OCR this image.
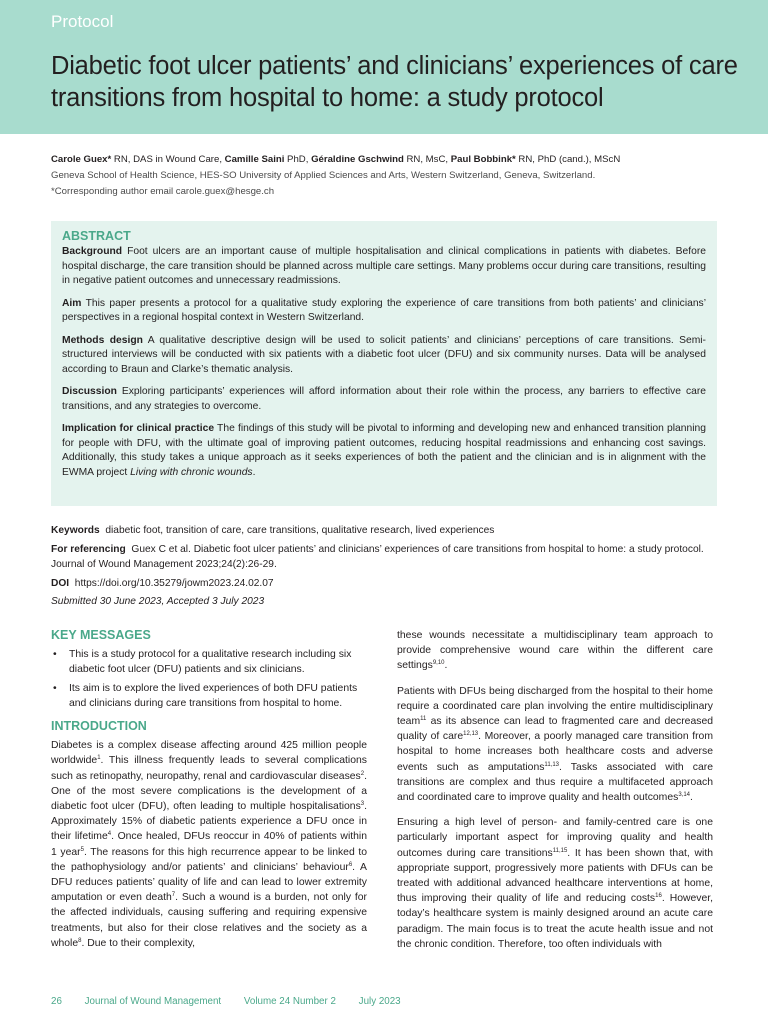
Protocol
Diabetic foot ulcer patients’ and clinicians’ experiences of care transitions from hospital to home: a study protocol
Carole Guex* RN, DAS in Wound Care, Camille Saini PhD, Géraldine Gschwind RN, MsC, Paul Bobbink* RN, PhD (cand.), MScN
Geneva School of Health Science, HES-SO University of Applied Sciences and Arts, Western Switzerland, Geneva, Switzerland.
*Corresponding author email carole.guex@hesge.ch
ABSTRACT

Background Foot ulcers are an important cause of multiple hospitalisation and clinical complications in patients with diabetes. Before hospital discharge, the care transition should be planned across multiple care settings. Many problems occur during care transitions, resulting in negative patient outcomes and unnecessary readmissions.

Aim This paper presents a protocol for a qualitative study exploring the experience of care transitions from both patients’ and clinicians’ perspectives in a regional hospital context in Western Switzerland.

Methods design A qualitative descriptive design will be used to solicit patients’ and clinicians’ perceptions of care transitions. Semi-structured interviews will be conducted with six patients with a diabetic foot ulcer (DFU) and six community nurses. Data will be analysed according to Braun and Clarke’s thematic analysis.

Discussion Exploring participants’ experiences will afford information about their role within the process, any barriers to effective care transitions, and any strategies to overcome.

Implication for clinical practice The findings of this study will be pivotal to informing and developing new and enhanced transition planning for people with DFU, with the ultimate goal of improving patient outcomes, reducing hospital readmissions and enhancing cost savings. Additionally, this study takes a unique approach as it seeks experiences of both the patient and the clinician and is in alignment with the EWMA project Living with chronic wounds.

Keywords diabetic foot, transition of care, care transitions, qualitative research, lived experiences

For referencing Guex C et al. Diabetic foot ulcer patients’ and clinicians’ experiences of care transitions from hospital to home: a study protocol. Journal of Wound Management 2023;24(2):26-29.

DOI https://doi.org/10.35279/jowm2023.24.02.07

Submitted 30 June 2023, Accepted 3 July 2023

KEY MESSAGES
• This is a study protocol for a qualitative research including six diabetic foot ulcer (DFU) patients and six clinicians.
• Its aim is to explore the lived experiences of both DFU patients and clinicians during care transitions from hospital to home.
INTRODUCTION

Diabetes is a complex disease affecting around 425 million people worldwide$^1$. This illness frequently leads to several complications such as retinopathy, neuropathy, renal and cardiovascular diseases$^2$. One of the most severe complications is the development of a diabetic foot ulcer (DFU), often leading to multiple hospitalisations$^3$. Approximately 15% of diabetic patients experience a DFU once in their lifetime$^4$. Once healed, DFUs reoccur in 40% of patients within 1 year$^5$. The reasons for this high recurrence appear to be linked to the pathophysiology and/or patients’ and clinicians’ behaviour$^6$. A DFU reduces patients’ quality of life and can lead to lower extremity amputation or even death$^7$. Such a wound is a burden, not only for the affected individuals, causing suffering and requiring expensive treatments, but also for their close relatives and the society as a whole$^8$. Due to their complexity,

these wounds necessitate a multidisciplinary team approach to provide comprehensive wound care within the different care settings$^{9,10}$.

Patients with DFUs being discharged from the hospital to their home require a coordinated care plan involving the entire multidisciplinary team$^{11}$ as its absence can lead to fragmented care and decreased quality of care$^{12,13}$. Moreover, a poorly managed care transition from hospital to home increases both healthcare costs and adverse events such as amputations$^{11,13}$. Tasks associated with care transitions are complex and thus require a multifaceted approach and coordinated care to improve quality and health outcomes$^{3,14}$.

Ensuring a high level of person- and family-centred care is one particularly important aspect for improving quality and health outcomes during care transitions$^{11,15}$. It has been shown that, with appropriate support, progressively more patients with DFUs can be treated with additional advanced healthcare interventions at home, thus improving their quality of life and reducing costs$^{16}$. However, today’s healthcare system is mainly designed around an acute care paradigm. The main focus is to treat the acute health issue and not the chronic condition. Therefore, too often individuals with

26 Journal of Wound Management Volume 24 Number 2 July 2023
